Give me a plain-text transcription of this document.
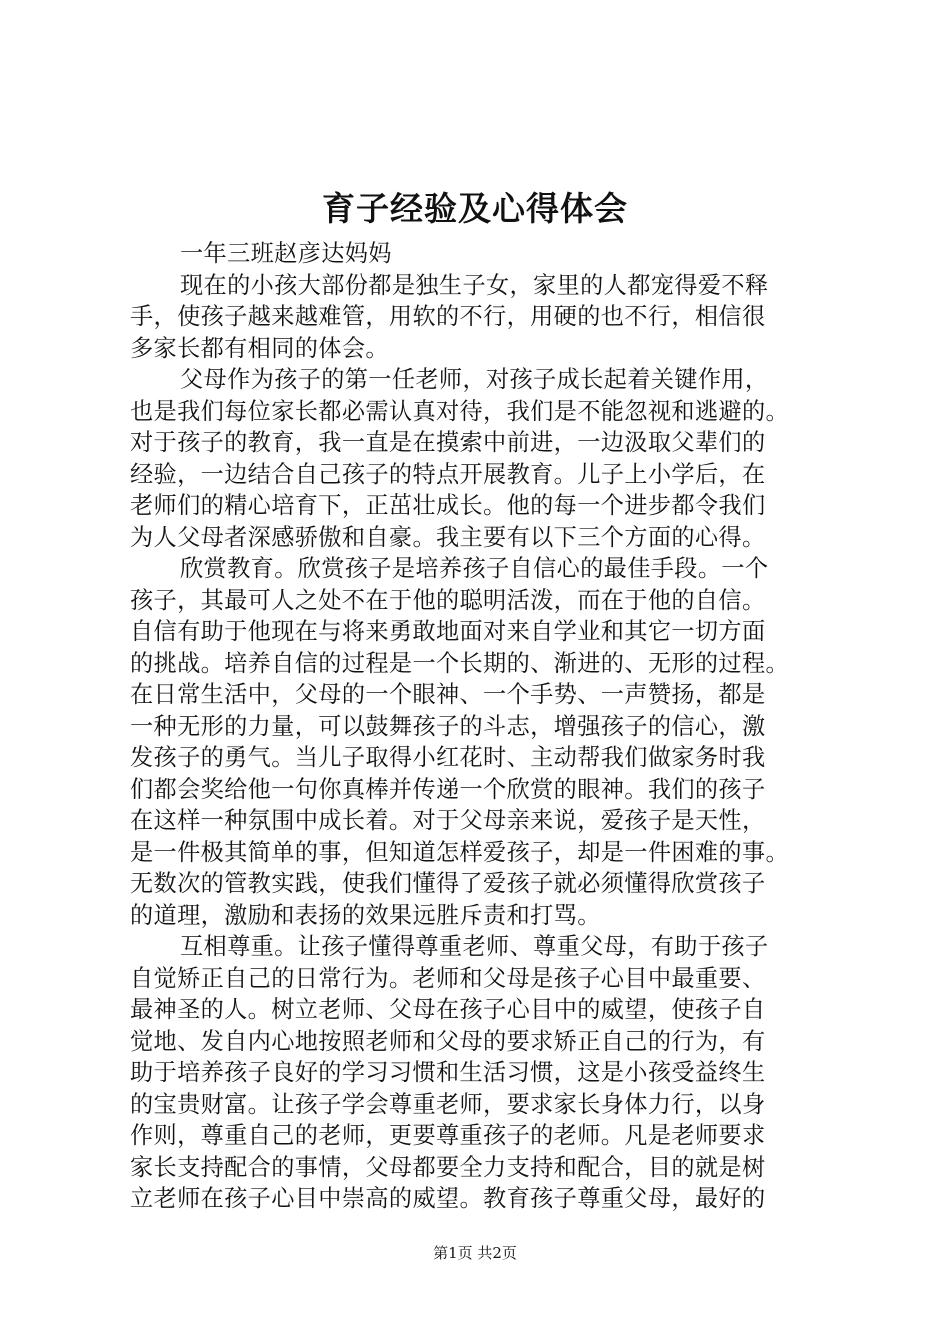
育子经验及心得体会
一年三班赵彦达妈妈
现在的小孩大部份都是独生子女，家里的人都宠得爱不释
手，使孩子越来越难管，用软的不行，用硬的也不行，相信很
多家长都有相同的体会。
父母作为孩子的第一任老师，对孩子成长起着关键作用，
也是我们每位家长都必需认真对待，我们是不能忽视和逃避的。
对于孩子的教育，我一直是在摸索中前进，一边汲取父辈们的
经验，一边结合自己孩子的特点开展教育。儿子上小学后，在
老师们的精心培育下，正茁壮成长。他的每一个进步都令我们
为人父母者深感骄傲和自豪。我主要有以下三个方面的心得。
欣赏教育。欣赏孩子是培养孩子自信心的最佳手段。一个
孩子，其最可人之处不在于他的聪明活泼，而在于他的自信。
自信有助于他现在与将来勇敢地面对来自学业和其它一切方面
的挑战。培养自信的过程是一个长期的、渐进的、无形的过程。
在日常生活中，父母的一个眼神、一个手势、一声赞扬，都是
一种无形的力量，可以鼓舞孩子的斗志，增强孩子的信心，激
发孩子的勇气。当儿子取得小红花时、主动帮我们做家务时我
们都会奖给他一句你真棒并传递一个欣赏的眼神。我们的孩子
在这样一种氛围中成长着。对于父母亲来说，爱孩子是天性，
是一件极其简单的事，但知道怎样爱孩子，却是一件困难的事。
无数次的管教实践，使我们懂得了爱孩子就必须懂得欣赏孩子
的道理，激励和表扬的效果远胜斥责和打骂。
互相尊重。让孩子懂得尊重老师、尊重父母，有助于孩子
自觉矫正自己的日常行为。老师和父母是孩子心目中最重要、
最神圣的人。树立老师、父母在孩子心目中的威望，使孩子自
觉地、发自内心地按照老师和父母的要求矫正自己的行为，有
助于培养孩子良好的学习习惯和生活习惯，这是小孩受益终生
的宝贵财富。让孩子学会尊重老师，要求家长身体力行，以身
作则，尊重自己的老师，更要尊重孩子的老师。凡是老师要求
家长支持配合的事情，父母都要全力支持和配合，目的就是树
立老师在孩子心目中崇高的威望。教育孩子尊重父母，最好的
第1页 共2页
